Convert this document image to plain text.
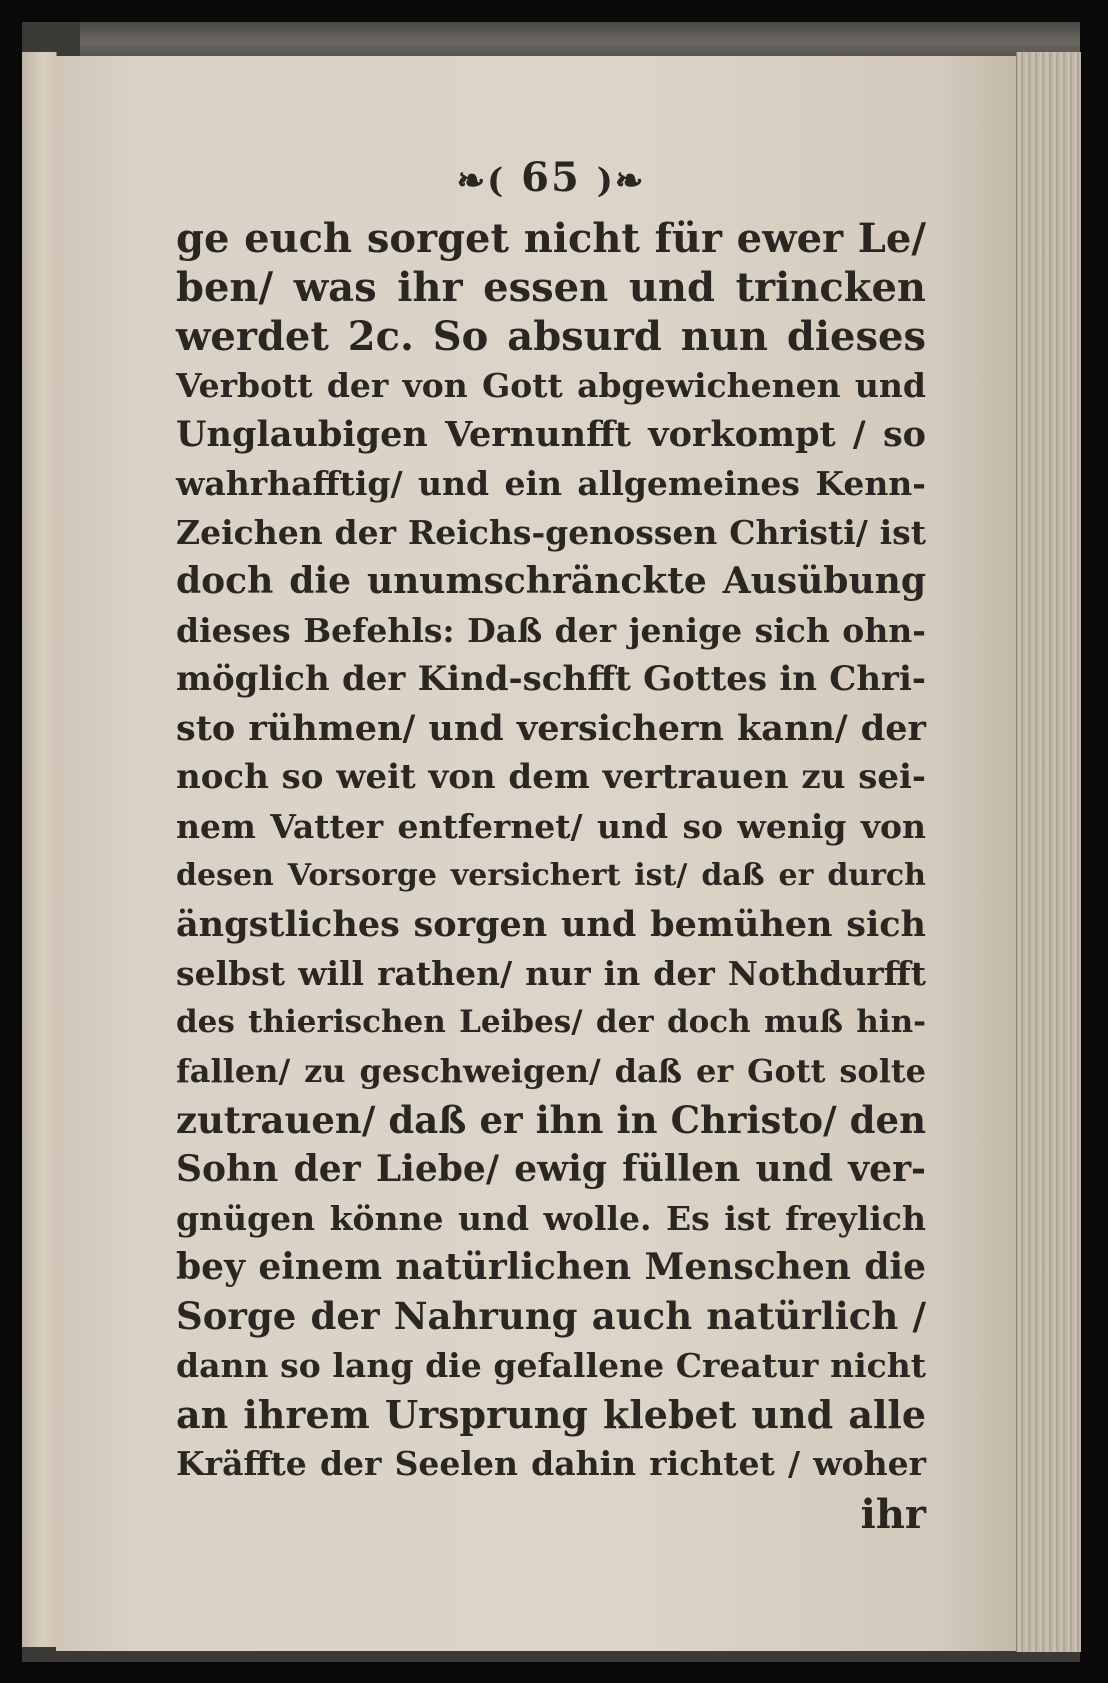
❧( 65 )❧
ge euch sorget nicht für ewer Le/
ben/ was ihr essen und trincken
werdet 2c. So absurd nun dieses
Verbott der von Gott abgewichenen und
Unglaubigen Vernunfft vorkompt / so
wahrhafftig/ und ein allgemeines Kenn-
Zeichen der Reichs-genossen Christi/ ist
doch die unumschränckte Ausübung
dieses Befehls: Daß der jenige sich ohn-
möglich der Kind-schfft Gottes in Chri-
sto rühmen/ und versichern kann/ der
noch so weit von dem vertrauen zu sei-
nem Vatter entfernet/ und so wenig von
desen Vorsorge versichert ist/ daß er durch
ängstliches sorgen und bemühen sich
selbst will rathen/ nur in der Nothdurfft
des thierischen Leibes/ der doch muß hin-
fallen/ zu geschweigen/ daß er Gott solte
zutrauen/ daß er ihn in Christo/ den
Sohn der Liebe/ ewig füllen und ver-
gnügen könne und wolle. Es ist freylich
bey einem natürlichen Menschen die
Sorge der Nahrung auch natürlich /
dann so lang die gefallene Creatur nicht
an ihrem Ursprung klebet und alle
Kräffte der Seelen dahin richtet / woher
ihr
